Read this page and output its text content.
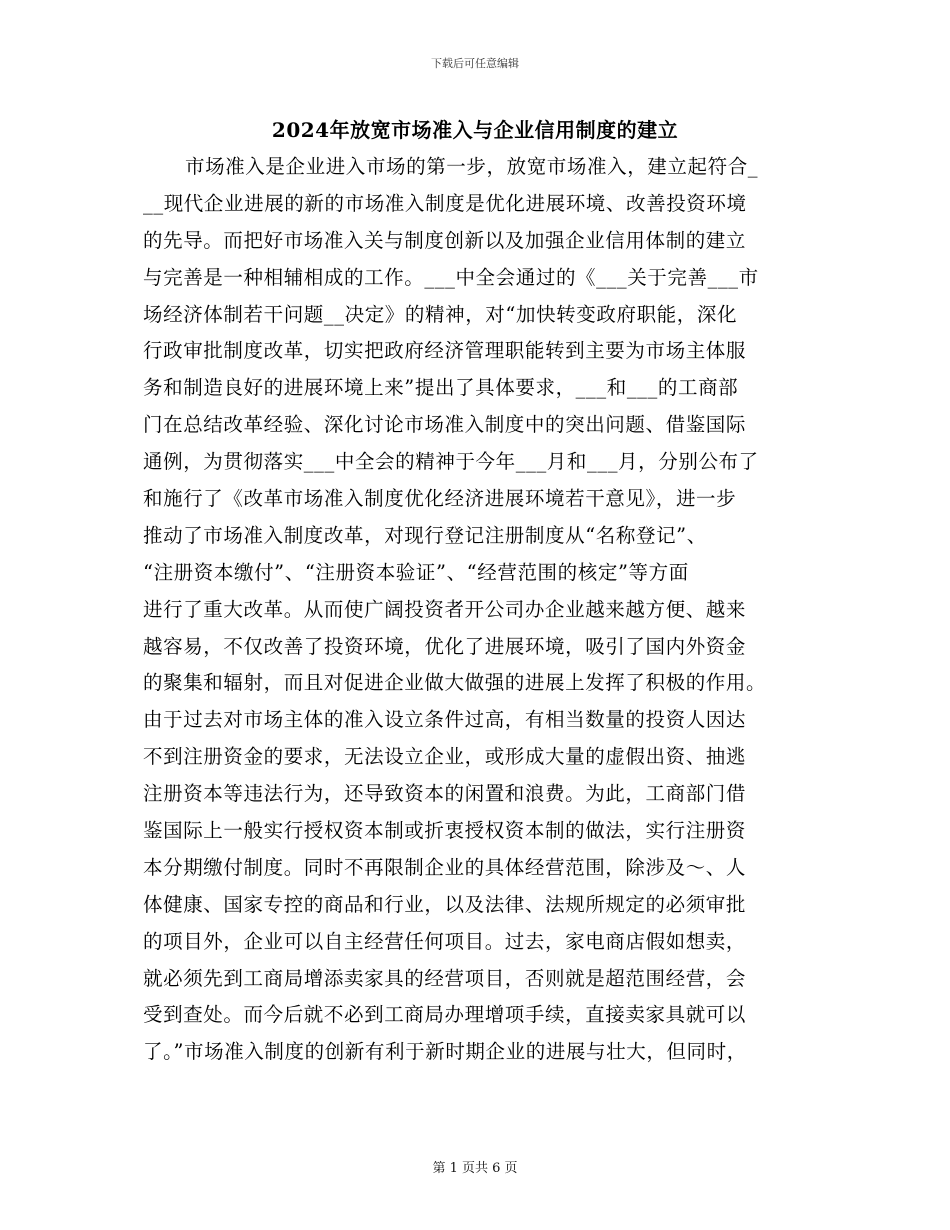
下载后可任意编辑
2024年放宽市场准入与企业信用制度的建立
市场准入是企业进入市场的第一步，放宽市场准入，建立起符合_
__现代企业进展的新的市场准入制度是优化进展环境、改善投资环境
的先导。而把好市场准入关与制度创新以及加强企业信用体制的建立
与完善是一种相辅相成的工作。___中全会通过的《___关于完善___市
场经济体制若干问题__决定》的精神，对“加快转变政府职能，深化
行政审批制度改革，切实把政府经济管理职能转到主要为市场主体服
务和制造良好的进展环境上来”提出了具体要求，___和___的工商部
门在总结改革经验、深化讨论市场准入制度中的突出问题、借鉴国际
通例，为贯彻落实___中全会的精神于今年___月和___月，分别公布了
和施行了《改革市场准入制度优化经济进展环境若干意见》，进一步
推动了市场准入制度改革，对现行登记注册制度从“名称登记”、
“注册资本缴付”、“注册资本验证”、“经营范围的核定”等方面
进行了重大改革。从而使广阔投资者开公司办企业越来越方便、越来
越容易，不仅改善了投资环境，优化了进展环境，吸引了国内外资金
的聚集和辐射，而且对促进企业做大做强的进展上发挥了积极的作用。
由于过去对市场主体的准入设立条件过高，有相当数量的投资人因达
不到注册资金的要求，无法设立企业，或形成大量的虚假出资、抽逃
注册资本等违法行为，还导致资本的闲置和浪费。为此，工商部门借
鉴国际上一般实行授权资本制或折衷授权资本制的做法，实行注册资
本分期缴付制度。同时不再限制企业的具体经营范围，除涉及～、人
体健康、国家专控的商品和行业，以及法律、法规所规定的必须审批
的项目外，企业可以自主经营任何项目。过去，家电商店假如想卖，
就必须先到工商局增添卖家具的经营项目，否则就是超范围经营，会
受到查处。而今后就不必到工商局办理增项手续，直接卖家具就可以
了。”市场准入制度的创新有利于新时期企业的进展与壮大，但同时，
第 1 页共 6 页
